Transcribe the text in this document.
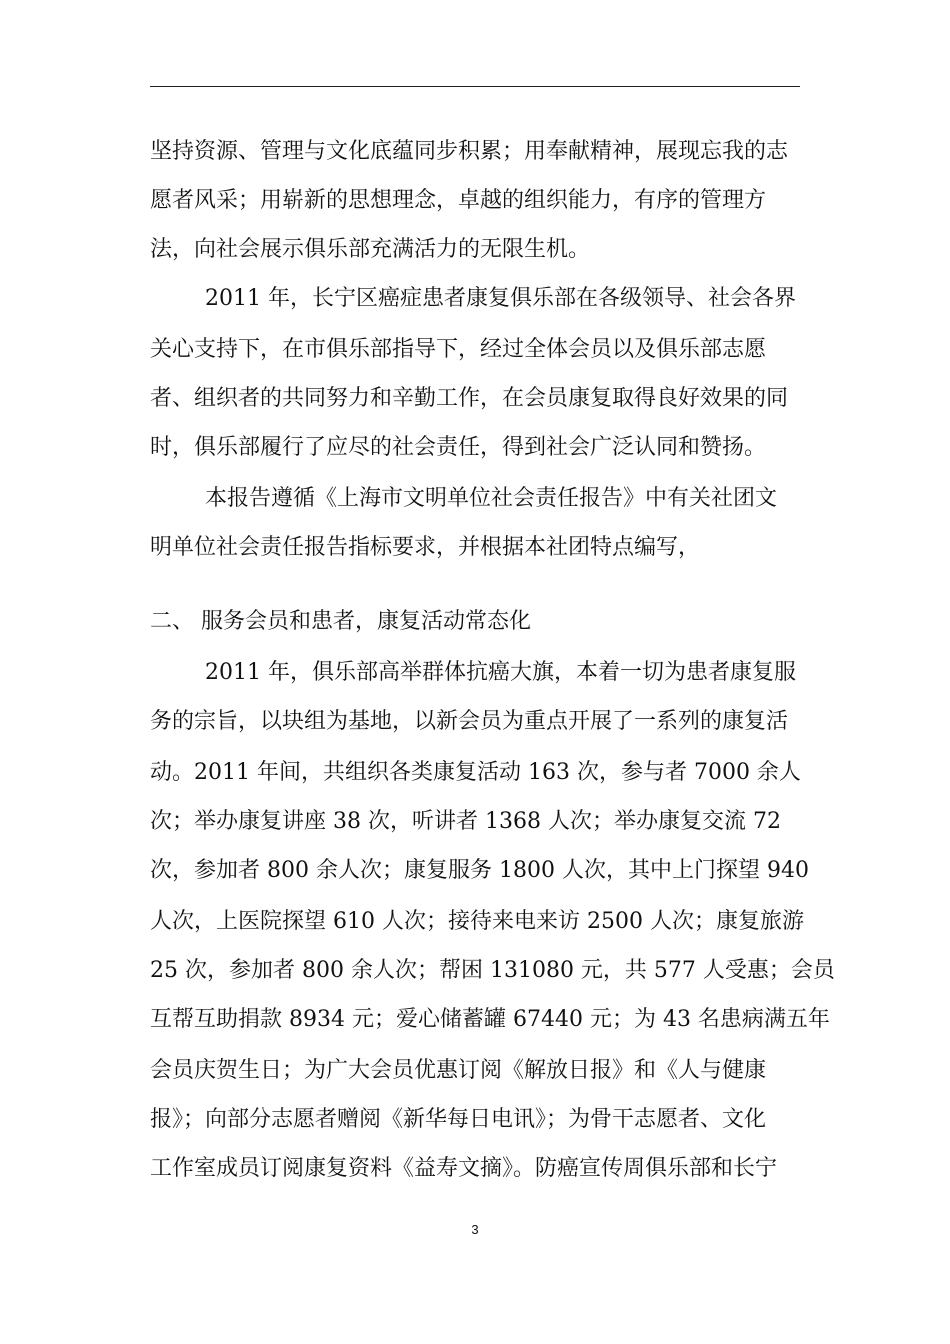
坚持资源、管理与文化底蕴同步积累；用奉献精神，展现忘我的志
愿者风采；用崭新的思想理念，卓越的组织能力，有序的管理方
法，向社会展示俱乐部充满活力的无限生机。
2011 年，长宁区癌症患者康复俱乐部在各级领导、社会各界
关心支持下，在市俱乐部指导下，经过全体会员以及俱乐部志愿
者、组织者的共同努力和辛勤工作，在会员康复取得良好效果的同
时，俱乐部履行了应尽的社会责任，得到社会广泛认同和赞扬。
本报告遵循《上海市文明单位社会责任报告》中有关社团文
明单位社会责任报告指标要求，并根据本社团特点编写，
二、 服务会员和患者，康复活动常态化
2011 年，俱乐部高举群体抗癌大旗，本着一切为患者康复服
务的宗旨，以块组为基地，以新会员为重点开展了一系列的康复活
动。2011 年间，共组织各类康复活动 163 次，参与者 7000 余人
次；举办康复讲座 38 次，听讲者 1368 人次；举办康复交流 72
次，参加者 800 余人次；康复服务 1800 人次，其中上门探望 940
人次，上医院探望 610 人次；接待来电来访 2500 人次；康复旅游
25 次，参加者 800 余人次；帮困 131080 元，共 577 人受惠；会员
互帮互助捐款 8934 元；爱心储蓄罐 67440 元；为 43 名患病满五年
会员庆贺生日；为广大会员优惠订阅《解放日报》和《人与健康
报》；向部分志愿者赠阅《新华每日电讯》；为骨干志愿者、文化
工作室成员订阅康复资料《益寿文摘》。防癌宣传周俱乐部和长宁
3
